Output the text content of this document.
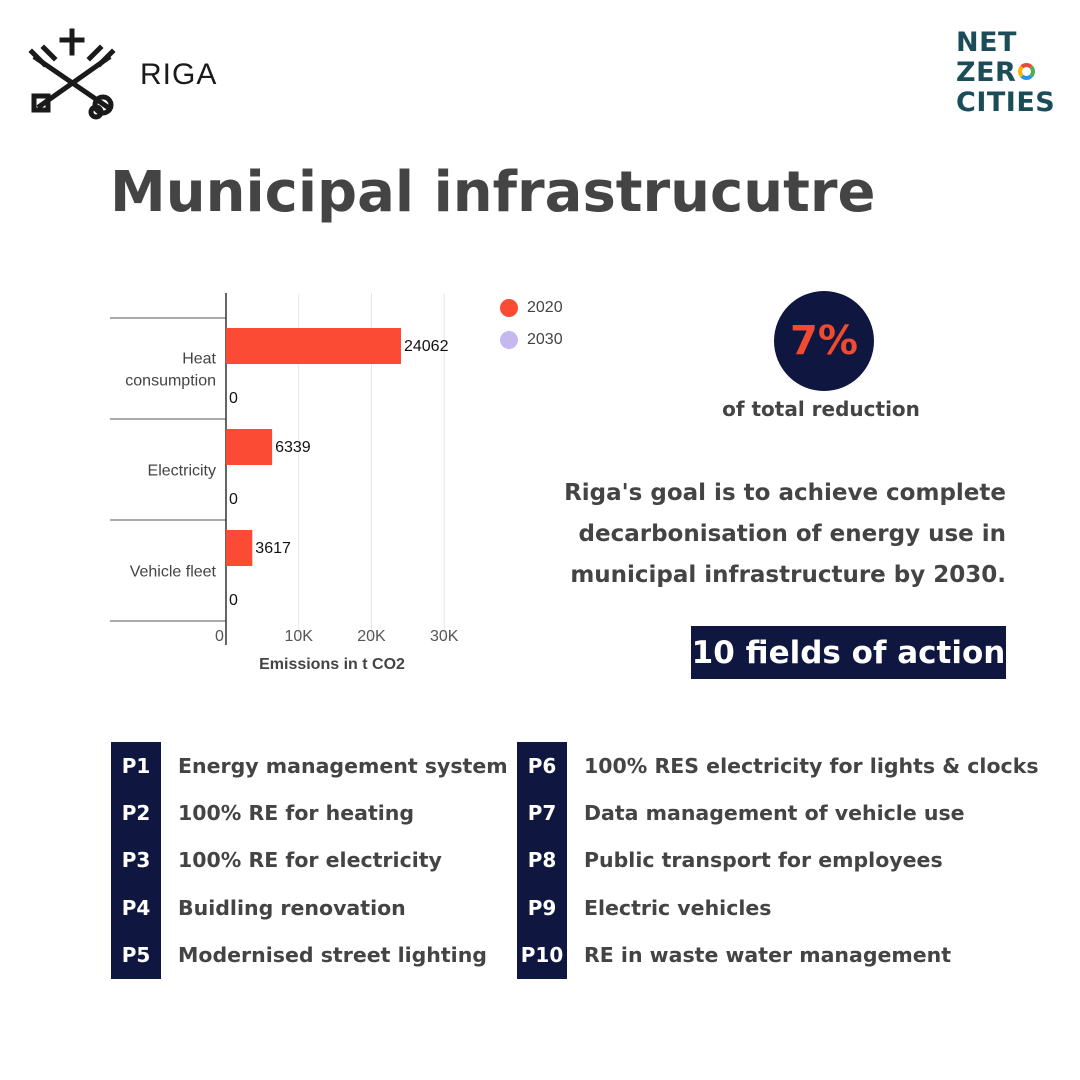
RIGA
NET
ZER
CITIES
Municipal infrastrucutre
24062
0
Heat consumption
6339
0
Electricity
3617
0
Vehicle fleet
0	10K	20K	30K
Emissions in t CO2
2020
2030	7%
of total reduction
Riga's goal is to achieve complete decarbonisation of energy use in municipal infrastructure by 2030.
10 fields of action
P1	Energy management system
P2	100% RE for heating
P3	100% RE for electricity
P4	Buidling renovation
P5	Modernised street lighting
P6	100% RES electricity for lights & clocks
P7	Data management of vehicle use
P8	Public transport for employees
P9	Electric vehicles
P10 RE in waste water management
